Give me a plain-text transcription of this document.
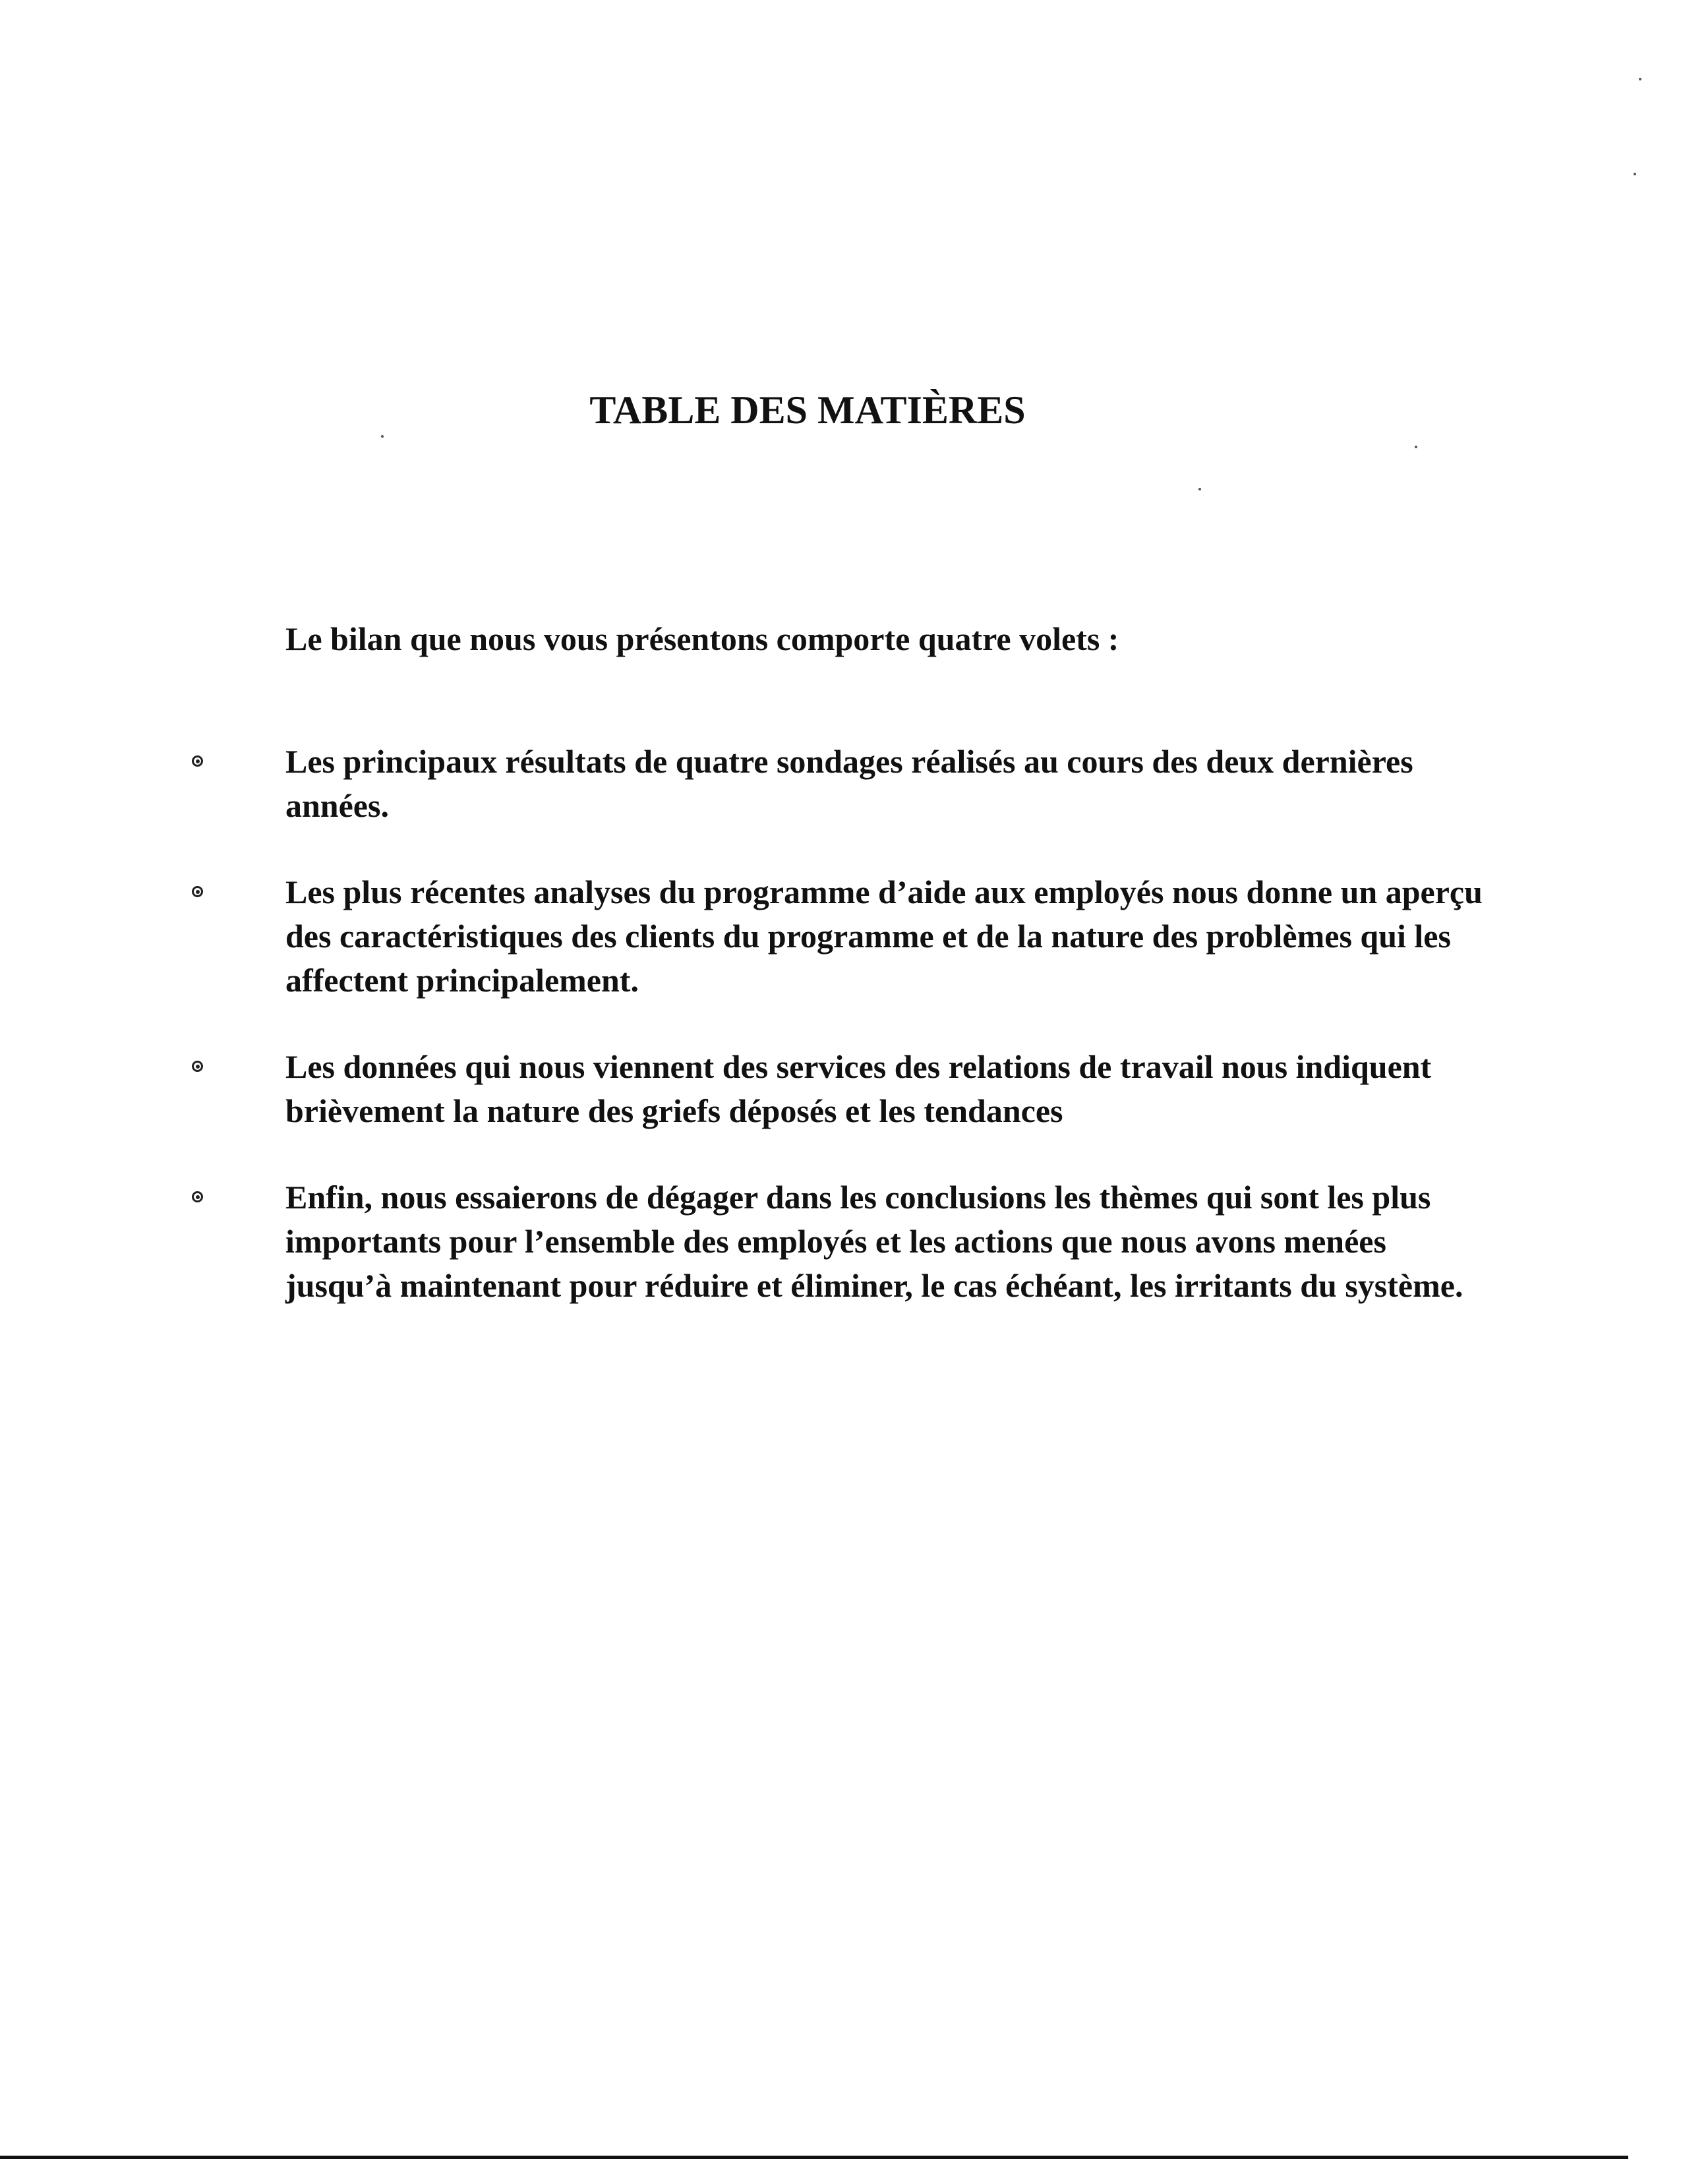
TABLE DES MATIÈRES

Le bilan que nous vous présentons comporte quatre volets :

Les principaux résultats de quatre sondages réalisés au cours des deux dernières années.
Les plus récentes analyses du programme d’aide aux employés nous donne un aperçu des caractéristiques des clients du programme et de la nature des problèmes qui les affectent principalement.
Les données qui nous viennent des services des relations de travail nous indiquent brièvement la nature des griefs déposés et les tendances
Enfin, nous essaierons de dégager dans les conclusions les thèmes qui sont les plus importants pour l’ensemble des employés et les actions que nous avons menées jusqu’à maintenant pour réduire et éliminer, le cas échéant, les irritants du système.
